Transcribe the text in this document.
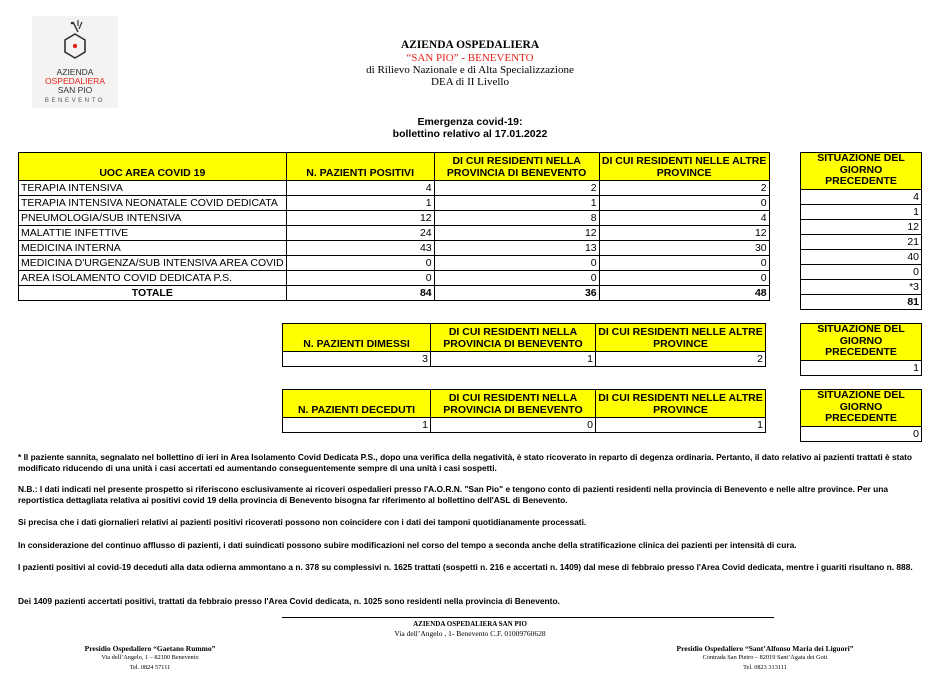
AZIENDA
OSPEDALIERA
SAN PIO
BENEVENTO
AZIENDA OSPEDALIERA
“SAN PIO” - BENEVENTO
di Rilievo Nazionale e di Alta Specializzazione
DEA di II Livello
Emergenza covid-19:
bollettino relativo al 17.01.2022
UOC AREA COVID 19	N. PAZIENTI POSITIVI	DI CUI RESIDENTI NELLA PROVINCIA DI BENEVENTO	DI CUI RESIDENTI NELLE ALTRE PROVINCE
TERAPIA INTENSIVA	4	2	2
TERAPIA INTENSIVA NEONATALE COVID DEDICATA	1	1	0
PNEUMOLOGIA/SUB INTENSIVA	12	8	4
MALATTIE INFETTIVE	24	12	12
MEDICINA INTERNA	43	13	30
MEDICINA D'URGENZA/SUB INTENSIVA AREA COVID	0	0	0
AREA ISOLAMENTO COVID DEDICATA P.S.	0	0	0
TOTALE	84	36	48
SITUAZIONE DEL GIORNO PRECEDENTE
4
1
12
21
40
0
*3
81
N. PAZIENTI DIMESSI	DI CUI RESIDENTI NELLA PROVINCIA DI BENEVENTO	DI CUI RESIDENTI NELLE ALTRE PROVINCE
3	1	2
SITUAZIONE DEL GIORNO PRECEDENTE
1
N. PAZIENTI DECEDUTI	DI CUI RESIDENTI NELLA PROVINCIA DI BENEVENTO	DI CUI RESIDENTI NELLE ALTRE PROVINCE
1	0	1
SITUAZIONE DEL GIORNO PRECEDENTE
0
* Il paziente sannita, segnalato nel bollettino di ieri in Area Isolamento Covid Dedicata P.S., dopo una verifica della negatività, è stato ricoverato in reparto di degenza ordinaria. Pertanto, il dato relativo ai pazienti trattati è stato modificato riducendo di una unità i casi accertati ed aumentando conseguentemente sempre di una unità i casi sospetti.
N.B.: I dati indicati nel presente prospetto si riferiscono esclusivamente ai ricoveri ospedalieri presso l'A.O.R.N. "San Pio" e tengono conto di pazienti residenti nella provincia di Benevento e nelle altre province. Per una reportistica dettagliata relativa ai positivi covid 19 della provincia di Benevento bisogna far riferimento al bollettino dell'ASL di Benevento.
Si precisa che i dati giornalieri relativi ai pazienti positivi ricoverati possono non coincidere con i dati dei tamponi quotidianamente processati.
In considerazione del continuo afflusso di pazienti, i dati suindicati possono subire modificazioni nel corso del tempo a seconda anche della stratificazione clinica dei pazienti per intensità di cura.
I pazienti positivi al covid-19 deceduti alla data odierna ammontano a n. 378 su complessivi n. 1625 trattati (sospetti n. 216 e accertati n. 1409) dal mese di febbraio presso l'Area Covid dedicata, mentre i guariti risultano n. 888.
Dei 1409 pazienti accertati positivi, trattati da febbraio presso l'Area Covid dedicata, n. 1025 sono residenti nella provincia di Benevento.
AZIENDA OSPEDALIERA SAN PIO
Via dell’Angelo , 1- Benevento C.F. 01009760628
Presidio Ospedaliero “Gaetano Rummo”
Via dell’Angelo, 1 – 82100 Benevento
Tel. 0824 57111
Presidio Ospedaliero “Sant’Alfonso Maria dei Liguori”
Contrada San Pietro – 82019 Sant’Agata dei Goti
Tel. 0823 313111
